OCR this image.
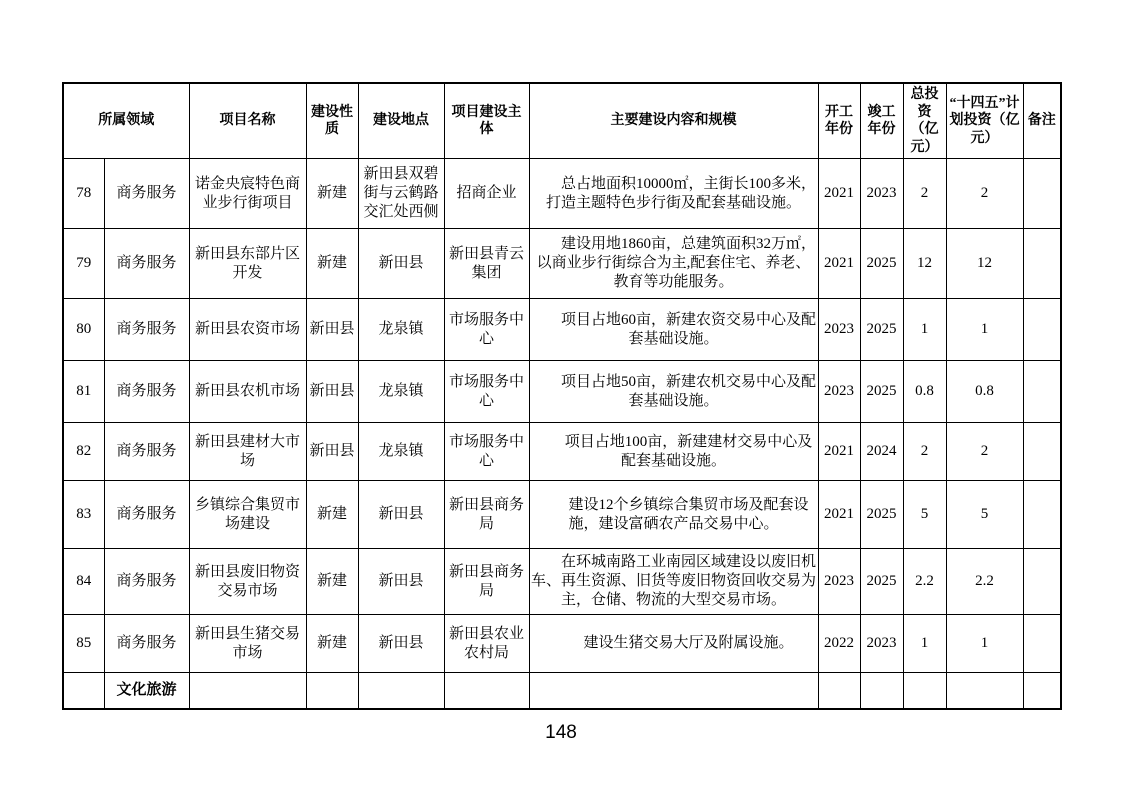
所属领域		项目名称	建设性质	建设地点	项目建设主体	主要建设内容和规模	开工年份	竣工年份	总投资（亿元）	“十四五”计划投资（亿元）	备注
78	商务服务	诺金央宸特色商业步行街项目	新建	新田县双碧街与云鹤路交汇处西侧	招商企业	总占地面积10000㎡，主街长100多米，打造主题特色步行街及配套基础设施。	2021	2023	2	2	
79	商务服务	新田县东部片区开发	新建	新田县	新田县青云集团	建设用地1860亩，总建筑面积32万㎡，以商业步行街综合为主,配套住宅、养老、教育等功能服务。	2021	2025	12	12	
80	商务服务	新田县农资市场	新田县	龙泉镇	市场服务中心	项目占地60亩，新建农资交易中心及配套基础设施。	2023	2025	1	1	
81	商务服务	新田县农机市场	新田县	龙泉镇	市场服务中心	项目占地50亩，新建农机交易中心及配套基础设施。	2023	2025	0.8	0.8	
82	商务服务	新田县建材大市场	新田县	龙泉镇	市场服务中心	项目占地100亩，新建建材交易中心及配套基础设施。	2021	2024	2	2	
83	商务服务	乡镇综合集贸市场建设	新建	新田县	新田县商务局	建设12个乡镇综合集贸市场及配套设施，建设富硒农产品交易中心。	2021	2025	5	5	
84	商务服务	新田县废旧物资交易市场	新建	新田县	新田县商务局	在环城南路工业南园区域建设以废旧机车、再生资源、旧货等废旧物资回收交易为主，仓储、物流的大型交易市场。	2023	2025	2.2	2.2	
85	商务服务	新田县生猪交易市场	新建	新田县	新田县农业农村局	建设生猪交易大厅及附属设施。	2022	2023	1	1	
	文化旅游										
148
